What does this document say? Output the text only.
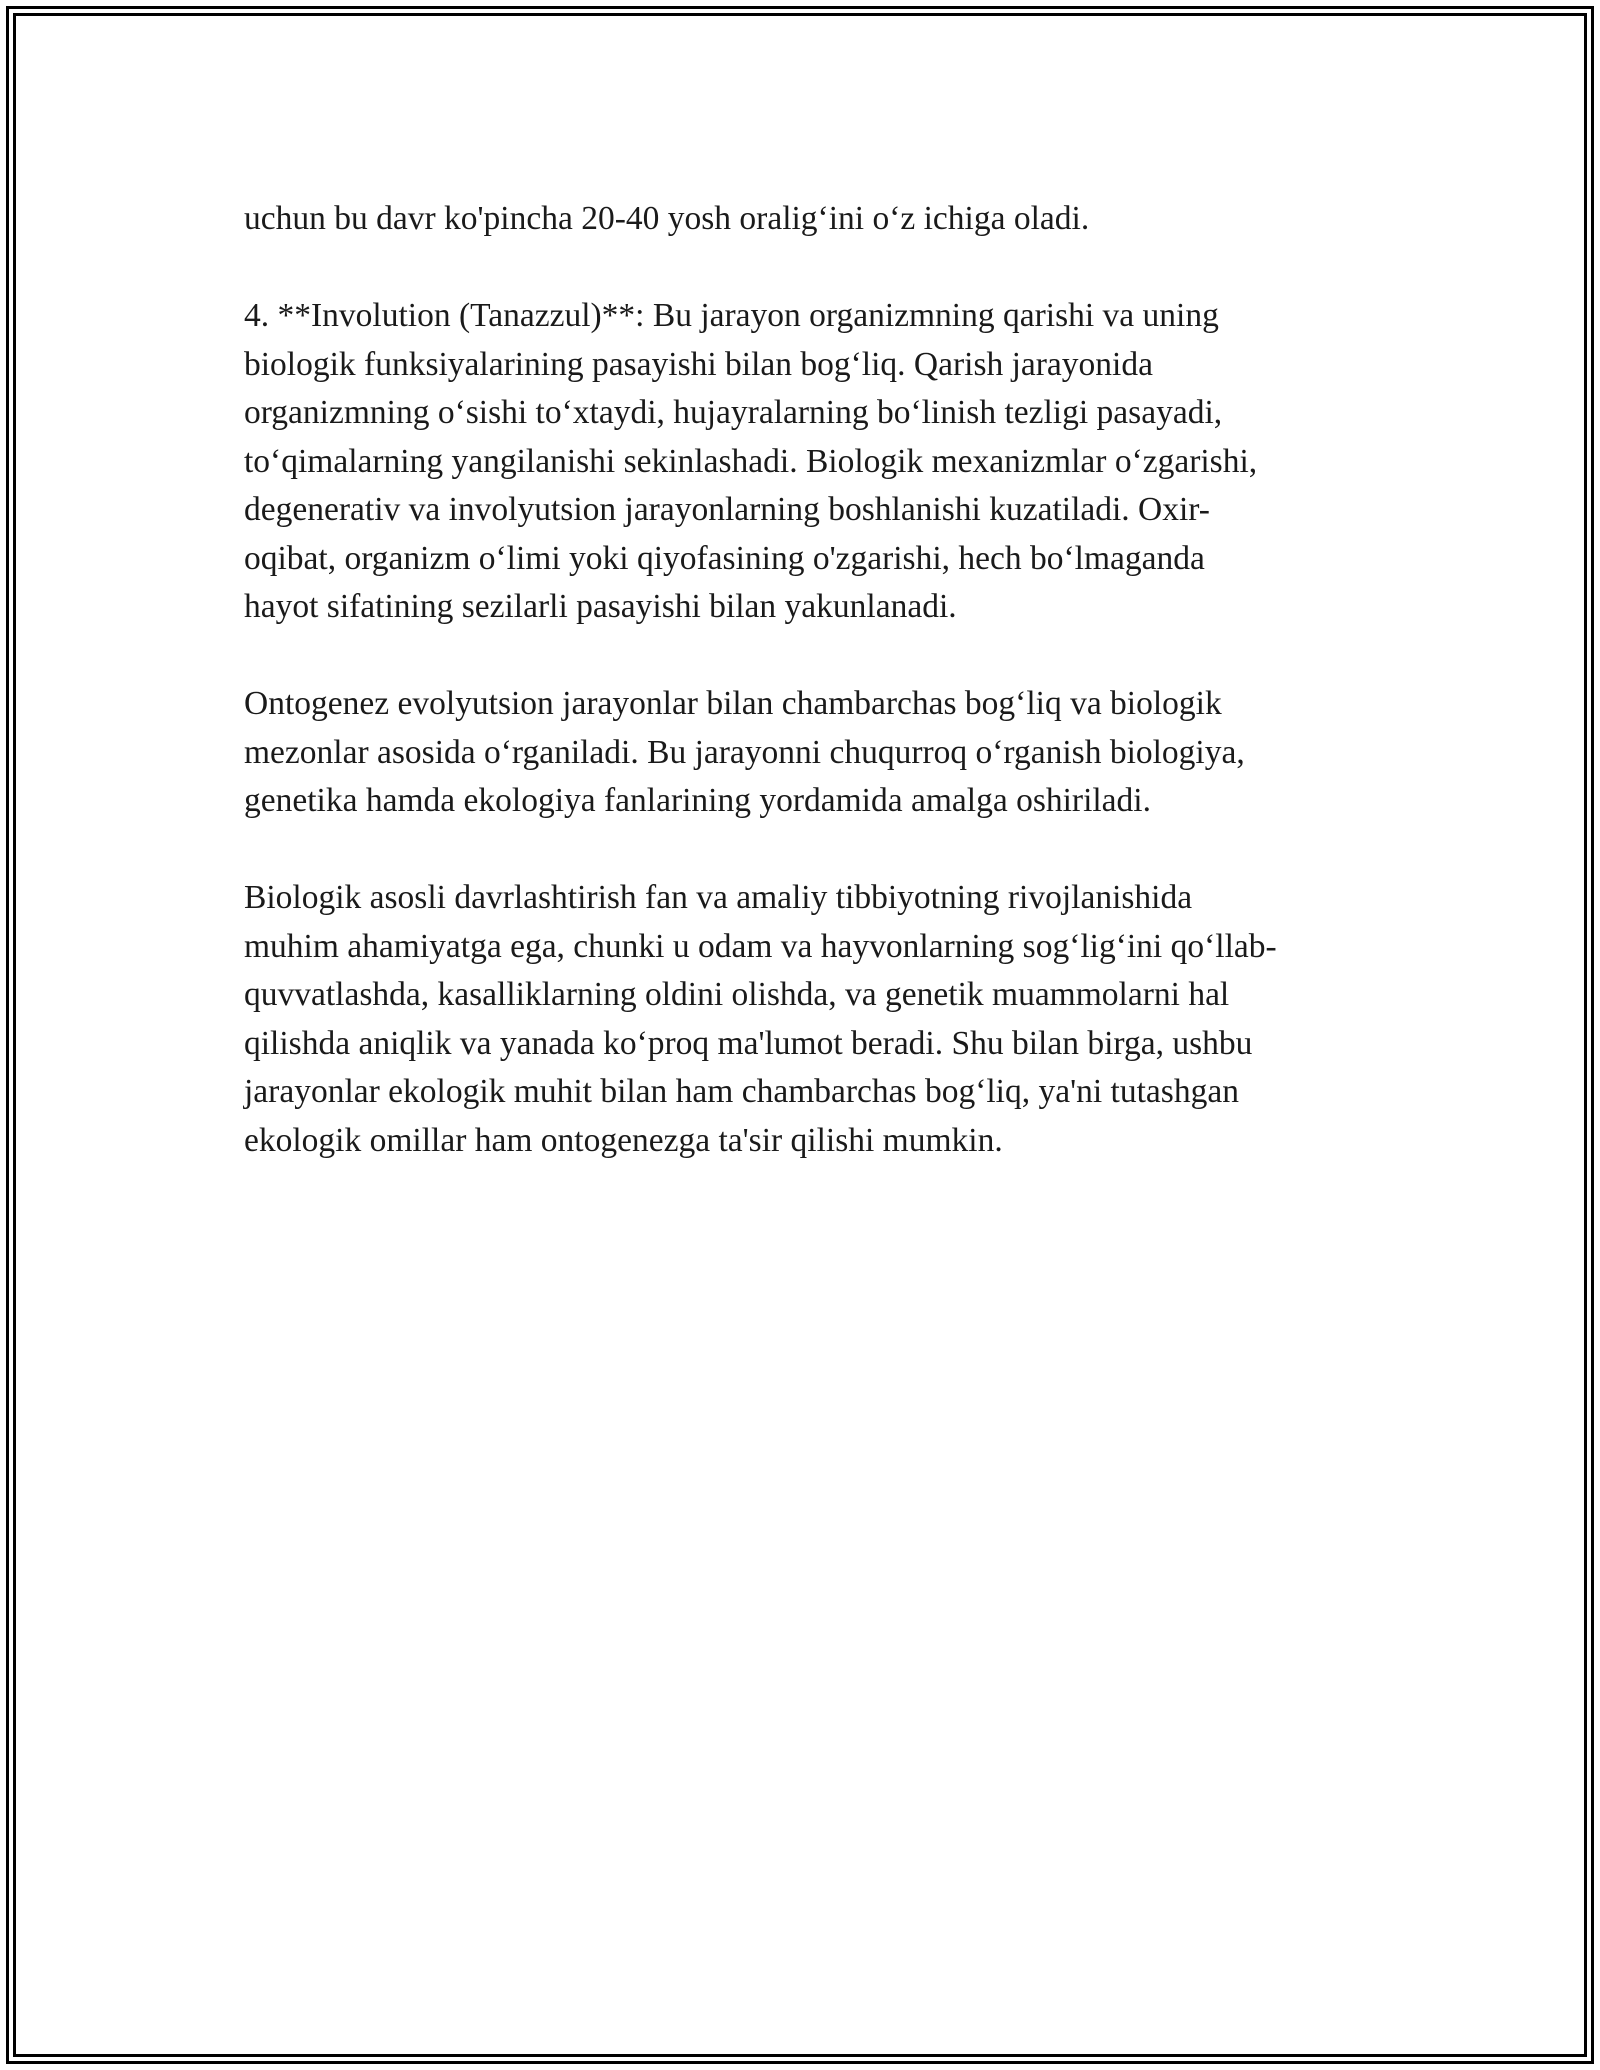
uchun bu davr ko'pincha 20-40 yosh oralig‘ini o‘z ichiga oladi.

4. **Involution (Tanazzul)**: Bu jarayon organizmning qarishi va uning
biologik funksiyalarining pasayishi bilan bog‘liq. Qarish jarayonida
organizmning o‘sishi to‘xtaydi, hujayralarning bo‘linish tezligi pasayadi,
to‘qimalarning yangilanishi sekinlashadi. Biologik mexanizmlar o‘zgarishi,
degenerativ va involyutsion jarayonlarning boshlanishi kuzatiladi. Oxir-
oqibat, organizm o‘limi yoki qiyofasining o'zgarishi, hech bo‘lmaganda
hayot sifatining sezilarli pasayishi bilan yakunlanadi.

Ontogenez evolyutsion jarayonlar bilan chambarchas bog‘liq va biologik
mezonlar asosida o‘rganiladi. Bu jarayonni chuqurroq o‘rganish biologiya,
genetika hamda ekologiya fanlarining yordamida amalga oshiriladi.

Biologik asosli davrlashtirish fan va amaliy tibbiyotning rivojlanishida
muhim ahamiyatga ega, chunki u odam va hayvonlarning sog‘lig‘ini qo‘llab-
quvvatlashda, kasalliklarning oldini olishda, va genetik muammolarni hal
qilishda aniqlik va yanada ko‘proq ma'lumot beradi. Shu bilan birga, ushbu
jarayonlar ekologik muhit bilan ham chambarchas bog‘liq, ya'ni tutashgan
ekologik omillar ham ontogenezga ta'sir qilishi mumkin.
